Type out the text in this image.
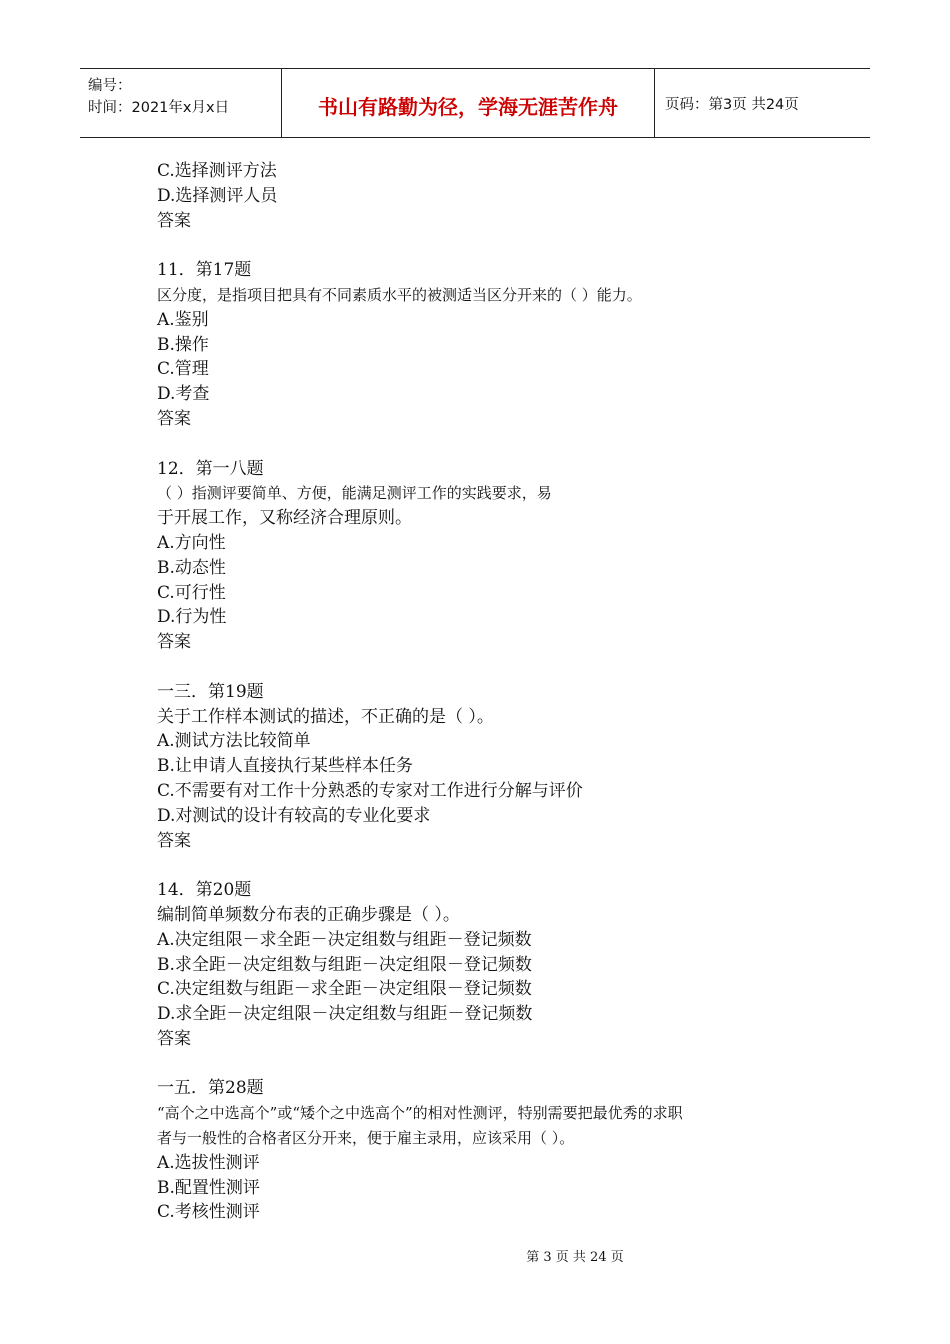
编号：
时间：2021年x月x日	书山有路勤为径，学海无涯苦作舟	页码：第3页 共24页
C.选择测评方法
D.选择测评人员
答案
11．第17题
区分度，是指项目把具有不同素质水平的被测适当区分开来的（ ）能力。
A.鉴别
B.操作
C.管理
D.考查
答案
12．第一八题
（ ）指测评要简单、方便，能满足测评工作的实践要求，易
于开展工作，又称经济合理原则。
A.方向性
B.动态性
C.可行性
D.行为性
答案
一三．第19题
关于工作样本测试的描述，不正确的是（ ）。
A.测试方法比较简单
B.让申请人直接执行某些样本任务
C.不需要有对工作十分熟悉的专家对工作进行分解与评价
D.对测试的设计有较高的专业化要求
答案
14．第20题
编制简单频数分布表的正确步骤是（ ）。
A.决定组限－求全距－决定组数与组距－登记频数
B.求全距－决定组数与组距－决定组限－登记频数
C.决定组数与组距－求全距－决定组限－登记频数
D.求全距－决定组限－决定组数与组距－登记频数
答案
一五．第28题
“高个之中选高个”或“矮个之中选高个”的相对性测评，特别需要把最优秀的求职
者与一般性的合格者区分开来，便于雇主录用，应该采用（ ）。
A.选拔性测评
B.配置性测评
C.考核性测评
第 3 页 共 24 页
